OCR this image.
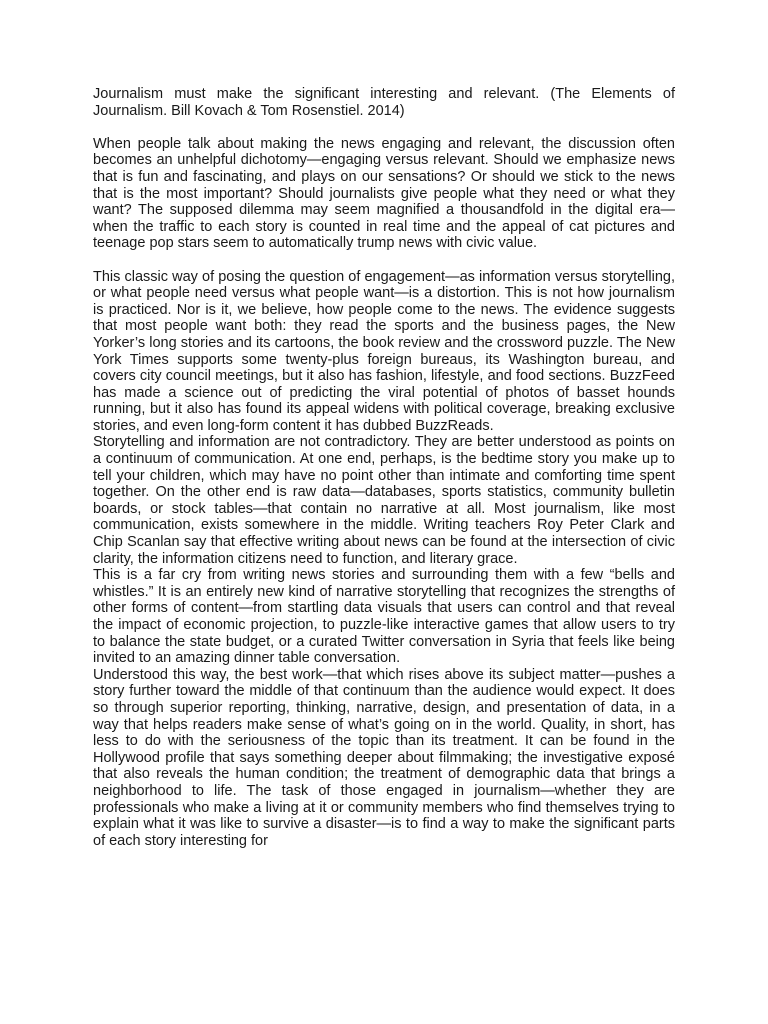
Journalism must make the significant interesting and relevant. (The Elements of Journalism. Bill Kovach & Tom Rosenstiel. 2014)

When people talk about making the news engaging and relevant, the discussion often becomes an unhelpful dichotomy—engaging versus relevant. Should we emphasize news that is fun and fascinating, and plays on our sensations? Or should we stick to the news that is the most important? Should journalists give people what they need or what they want? The supposed dilemma may seem magnified a thousandfold in the digital era—when the traffic to each story is counted in real time and the appeal of cat pictures and teenage pop stars seem to automatically trump news with civic value.

This classic way of posing the question of engagement—as information versus storytelling, or what people need versus what people want—is a distortion. This is not how journalism is practiced. Nor is it, we believe, how people come to the news. The evidence suggests that most people want both: they read the sports and the business pages, the New Yorker’s long stories and its cartoons, the book review and the crossword puzzle. The New York Times supports some twenty-plus foreign bureaus, its Washington bureau, and covers city council meetings, but it also has fashion, lifestyle, and food sections. BuzzFeed has made a science out of predicting the viral potential of photos of basset hounds running, but it also has found its appeal widens with political coverage, breaking exclusive stories, and even long-form content it has dubbed BuzzReads.

Storytelling and information are not contradictory. They are better understood as points on a continuum of communication. At one end, perhaps, is the bedtime story you make up to tell your children, which may have no point other than intimate and comforting time spent together. On the other end is raw data—databases, sports statistics, community bulletin boards, or stock tables—that contain no narrative at all. Most journalism, like most communication, exists somewhere in the middle. Writing teachers Roy Peter Clark and Chip Scanlan say that effective writing about news can be found at the intersection of civic clarity, the information citizens need to function, and literary grace.

This is a far cry from writing news stories and surrounding them with a few “bells and whistles.” It is an entirely new kind of narrative storytelling that recognizes the strengths of other forms of content—from startling data visuals that users can control and that reveal the impact of economic projection, to puzzle-like interactive games that allow users to try to balance the state budget, or a curated Twitter conversation in Syria that feels like being invited to an amazing dinner table conversation.

Understood this way, the best work—that which rises above its subject matter—pushes a story further toward the middle of that continuum than the audience would expect. It does so through superior reporting, thinking, narrative, design, and presentation of data, in a way that helps readers make sense of what’s going on in the world. Quality, in short, has less to do with the seriousness of the topic than its treatment. It can be found in the Hollywood profile that says something deeper about filmmaking; the investigative exposé that also reveals the human condition; the treatment of demographic data that brings a neighborhood to life. The task of those engaged in journalism—whether they are professionals who make a living at it or community members who find themselves trying to explain what it was like to survive a disaster—is to find a way to make the significant parts of each story interesting for
